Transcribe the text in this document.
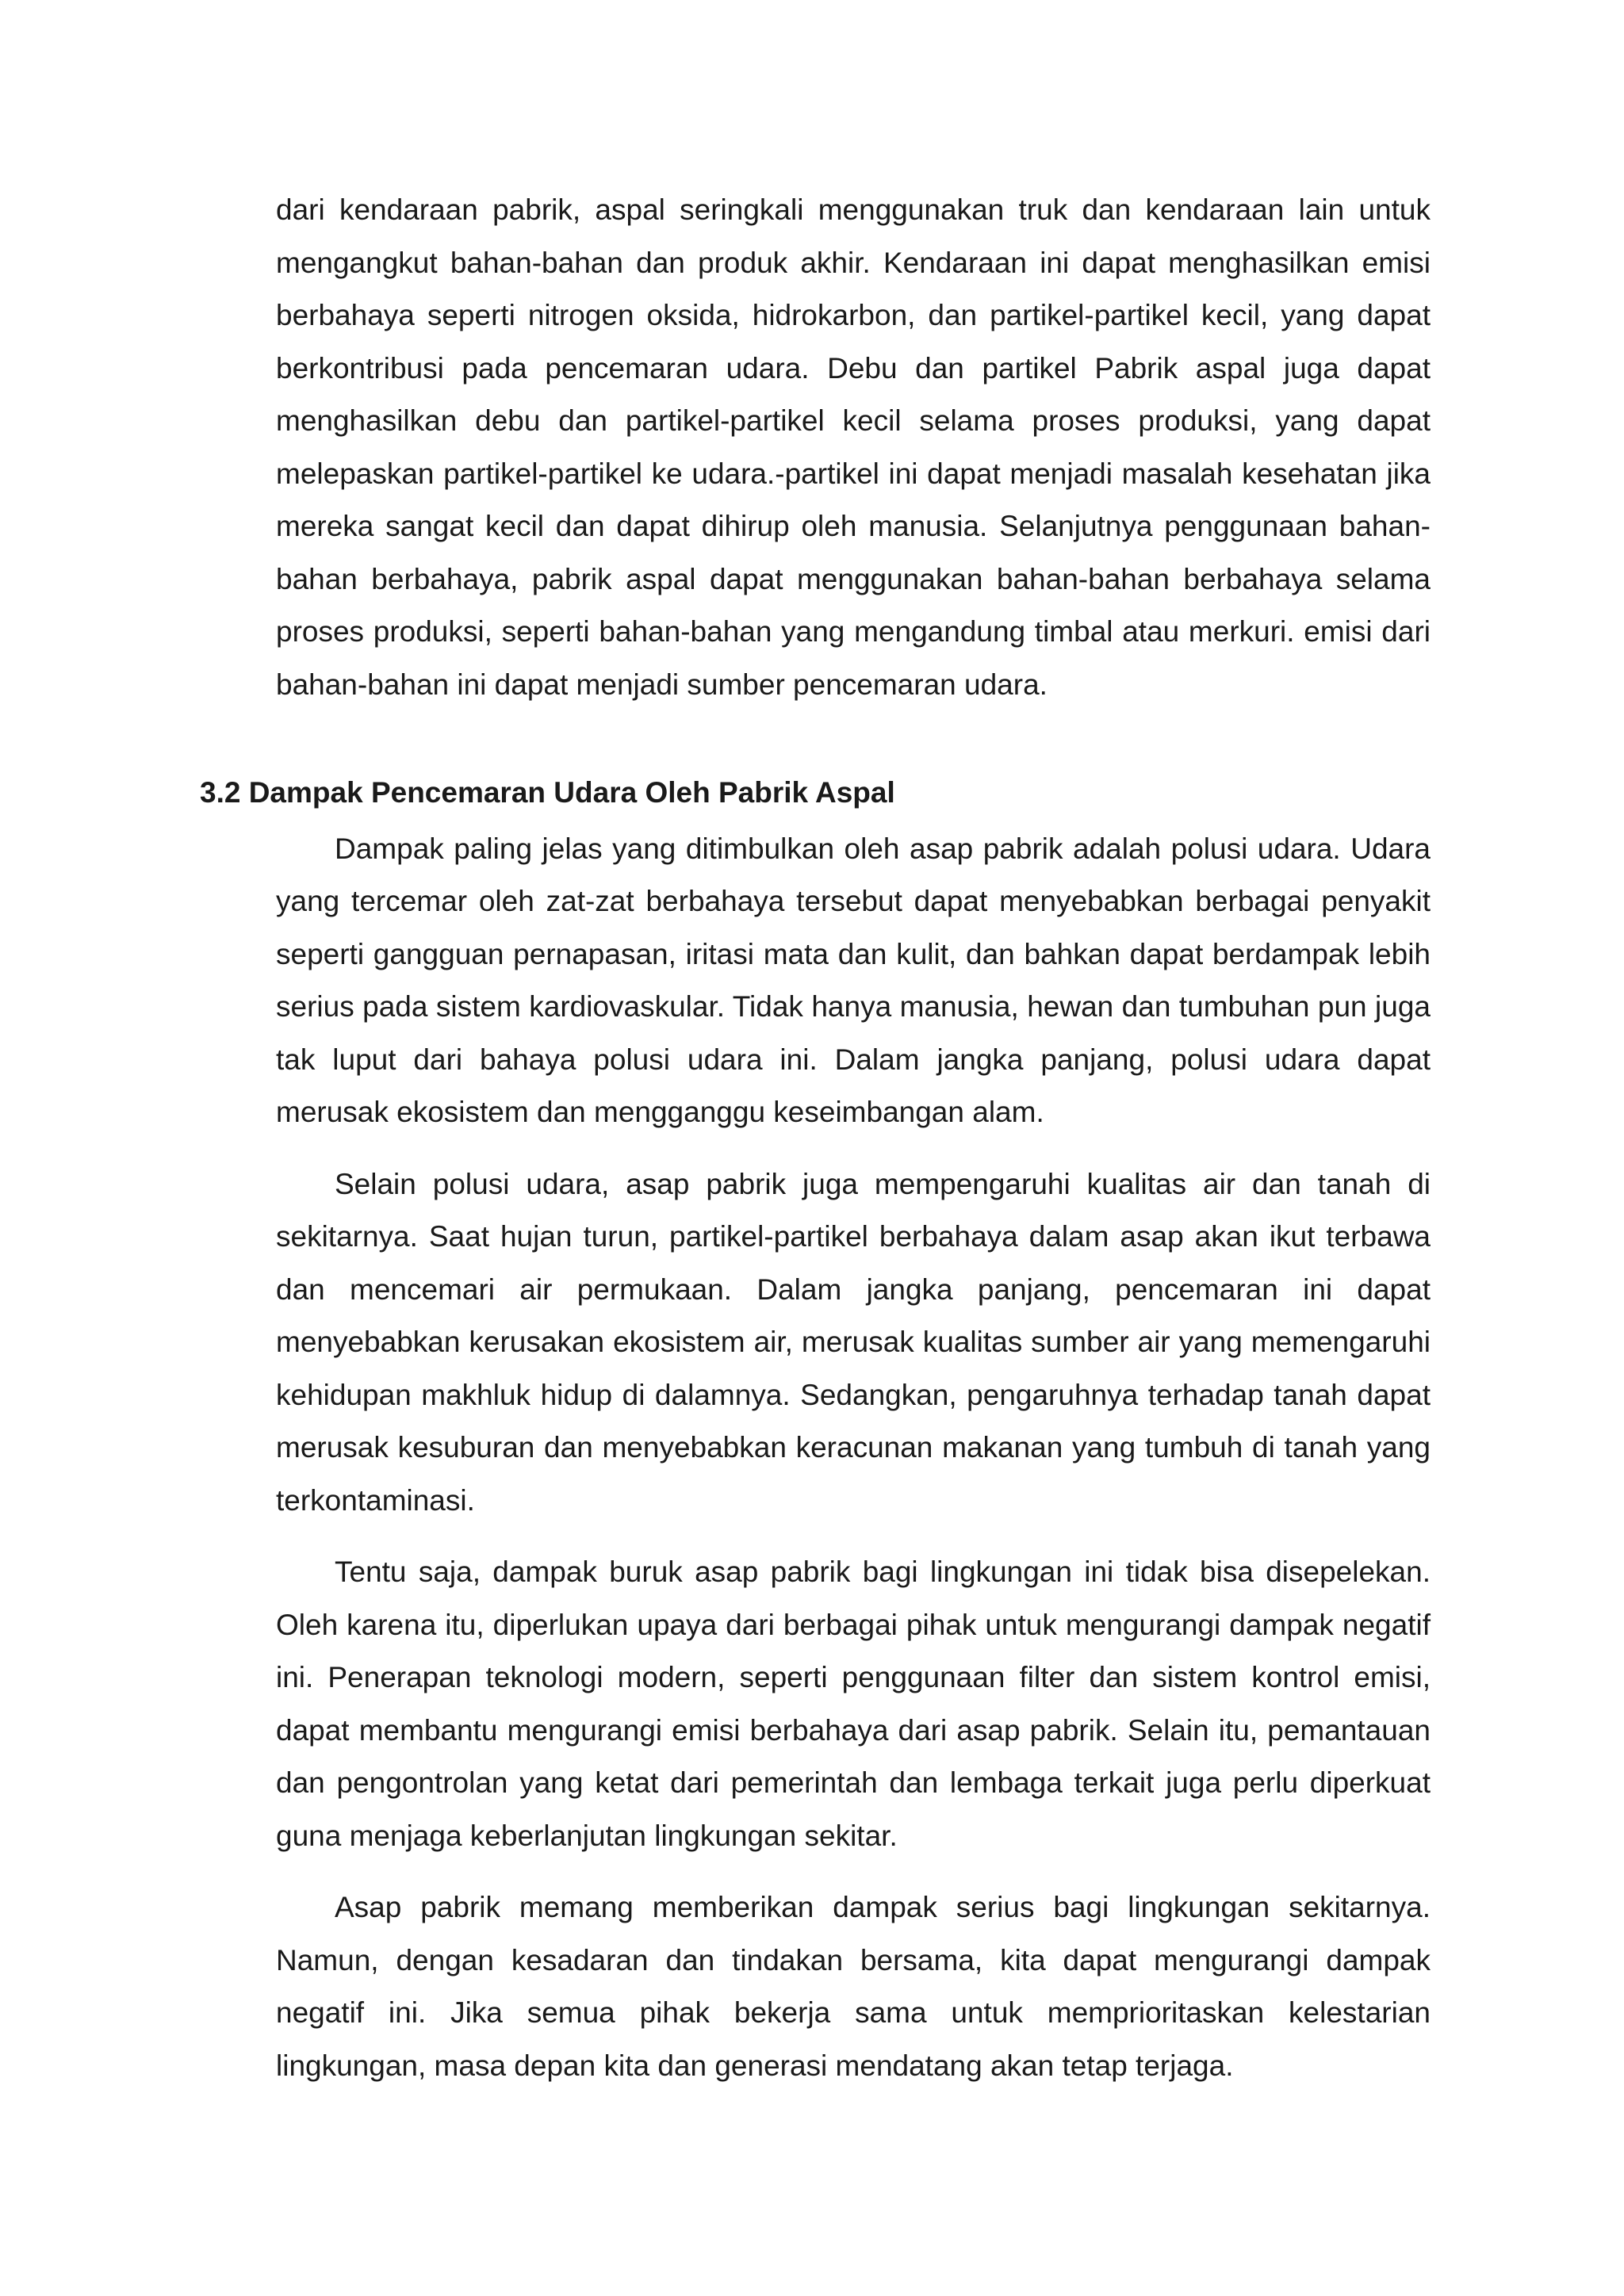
dari kendaraan pabrik, aspal seringkali menggunakan truk dan kendaraan lain untuk mengangkut bahan-bahan dan produk akhir. Kendaraan ini dapat menghasilkan emisi berbahaya seperti nitrogen oksida, hidrokarbon, dan partikel-partikel kecil, yang dapat berkontribusi pada pencemaran udara. Debu dan partikel Pabrik aspal juga dapat menghasilkan debu dan partikel-partikel kecil selama proses produksi, yang dapat melepaskan partikel-partikel ke udara.-partikel ini dapat menjadi masalah kesehatan jika mereka sangat kecil dan dapat dihirup oleh manusia. Selanjutnya penggunaan bahan-bahan berbahaya, pabrik aspal dapat menggunakan bahan-bahan berbahaya selama proses produksi, seperti bahan-bahan yang mengandung timbal atau merkuri. emisi dari bahan-bahan ini dapat menjadi sumber pencemaran udara.

3.2 Dampak Pencemaran Udara Oleh Pabrik Aspal

Dampak paling jelas yang ditimbulkan oleh asap pabrik adalah polusi udara. Udara yang tercemar oleh zat-zat berbahaya tersebut dapat menyebabkan berbagai penyakit seperti gangguan pernapasan, iritasi mata dan kulit, dan bahkan dapat berdampak lebih serius pada sistem kardiovaskular. Tidak hanya manusia, hewan dan tumbuhan pun juga tak luput dari bahaya polusi udara ini. Dalam jangka panjang, polusi udara dapat merusak ekosistem dan mengganggu keseimbangan alam.

Selain polusi udara, asap pabrik juga mempengaruhi kualitas air dan tanah di sekitarnya. Saat hujan turun, partikel-partikel berbahaya dalam asap akan ikut terbawa dan mencemari air permukaan. Dalam jangka panjang, pencemaran ini dapat menyebabkan kerusakan ekosistem air, merusak kualitas sumber air yang memengaruhi kehidupan makhluk hidup di dalamnya. Sedangkan, pengaruhnya terhadap tanah dapat merusak kesuburan dan menyebabkan keracunan makanan yang tumbuh di tanah yang terkontaminasi.

Tentu saja, dampak buruk asap pabrik bagi lingkungan ini tidak bisa disepelekan. Oleh karena itu, diperlukan upaya dari berbagai pihak untuk mengurangi dampak negatif ini. Penerapan teknologi modern, seperti penggunaan filter dan sistem kontrol emisi, dapat membantu mengurangi emisi berbahaya dari asap pabrik. Selain itu, pemantauan dan pengontrolan yang ketat dari pemerintah dan lembaga terkait juga perlu diperkuat guna menjaga keberlanjutan lingkungan sekitar.

Asap pabrik memang memberikan dampak serius bagi lingkungan sekitarnya. Namun, dengan kesadaran dan tindakan bersama, kita dapat mengurangi dampak negatif ini. Jika semua pihak bekerja sama untuk memprioritaskan kelestarian lingkungan, masa depan kita dan generasi mendatang akan tetap terjaga.
